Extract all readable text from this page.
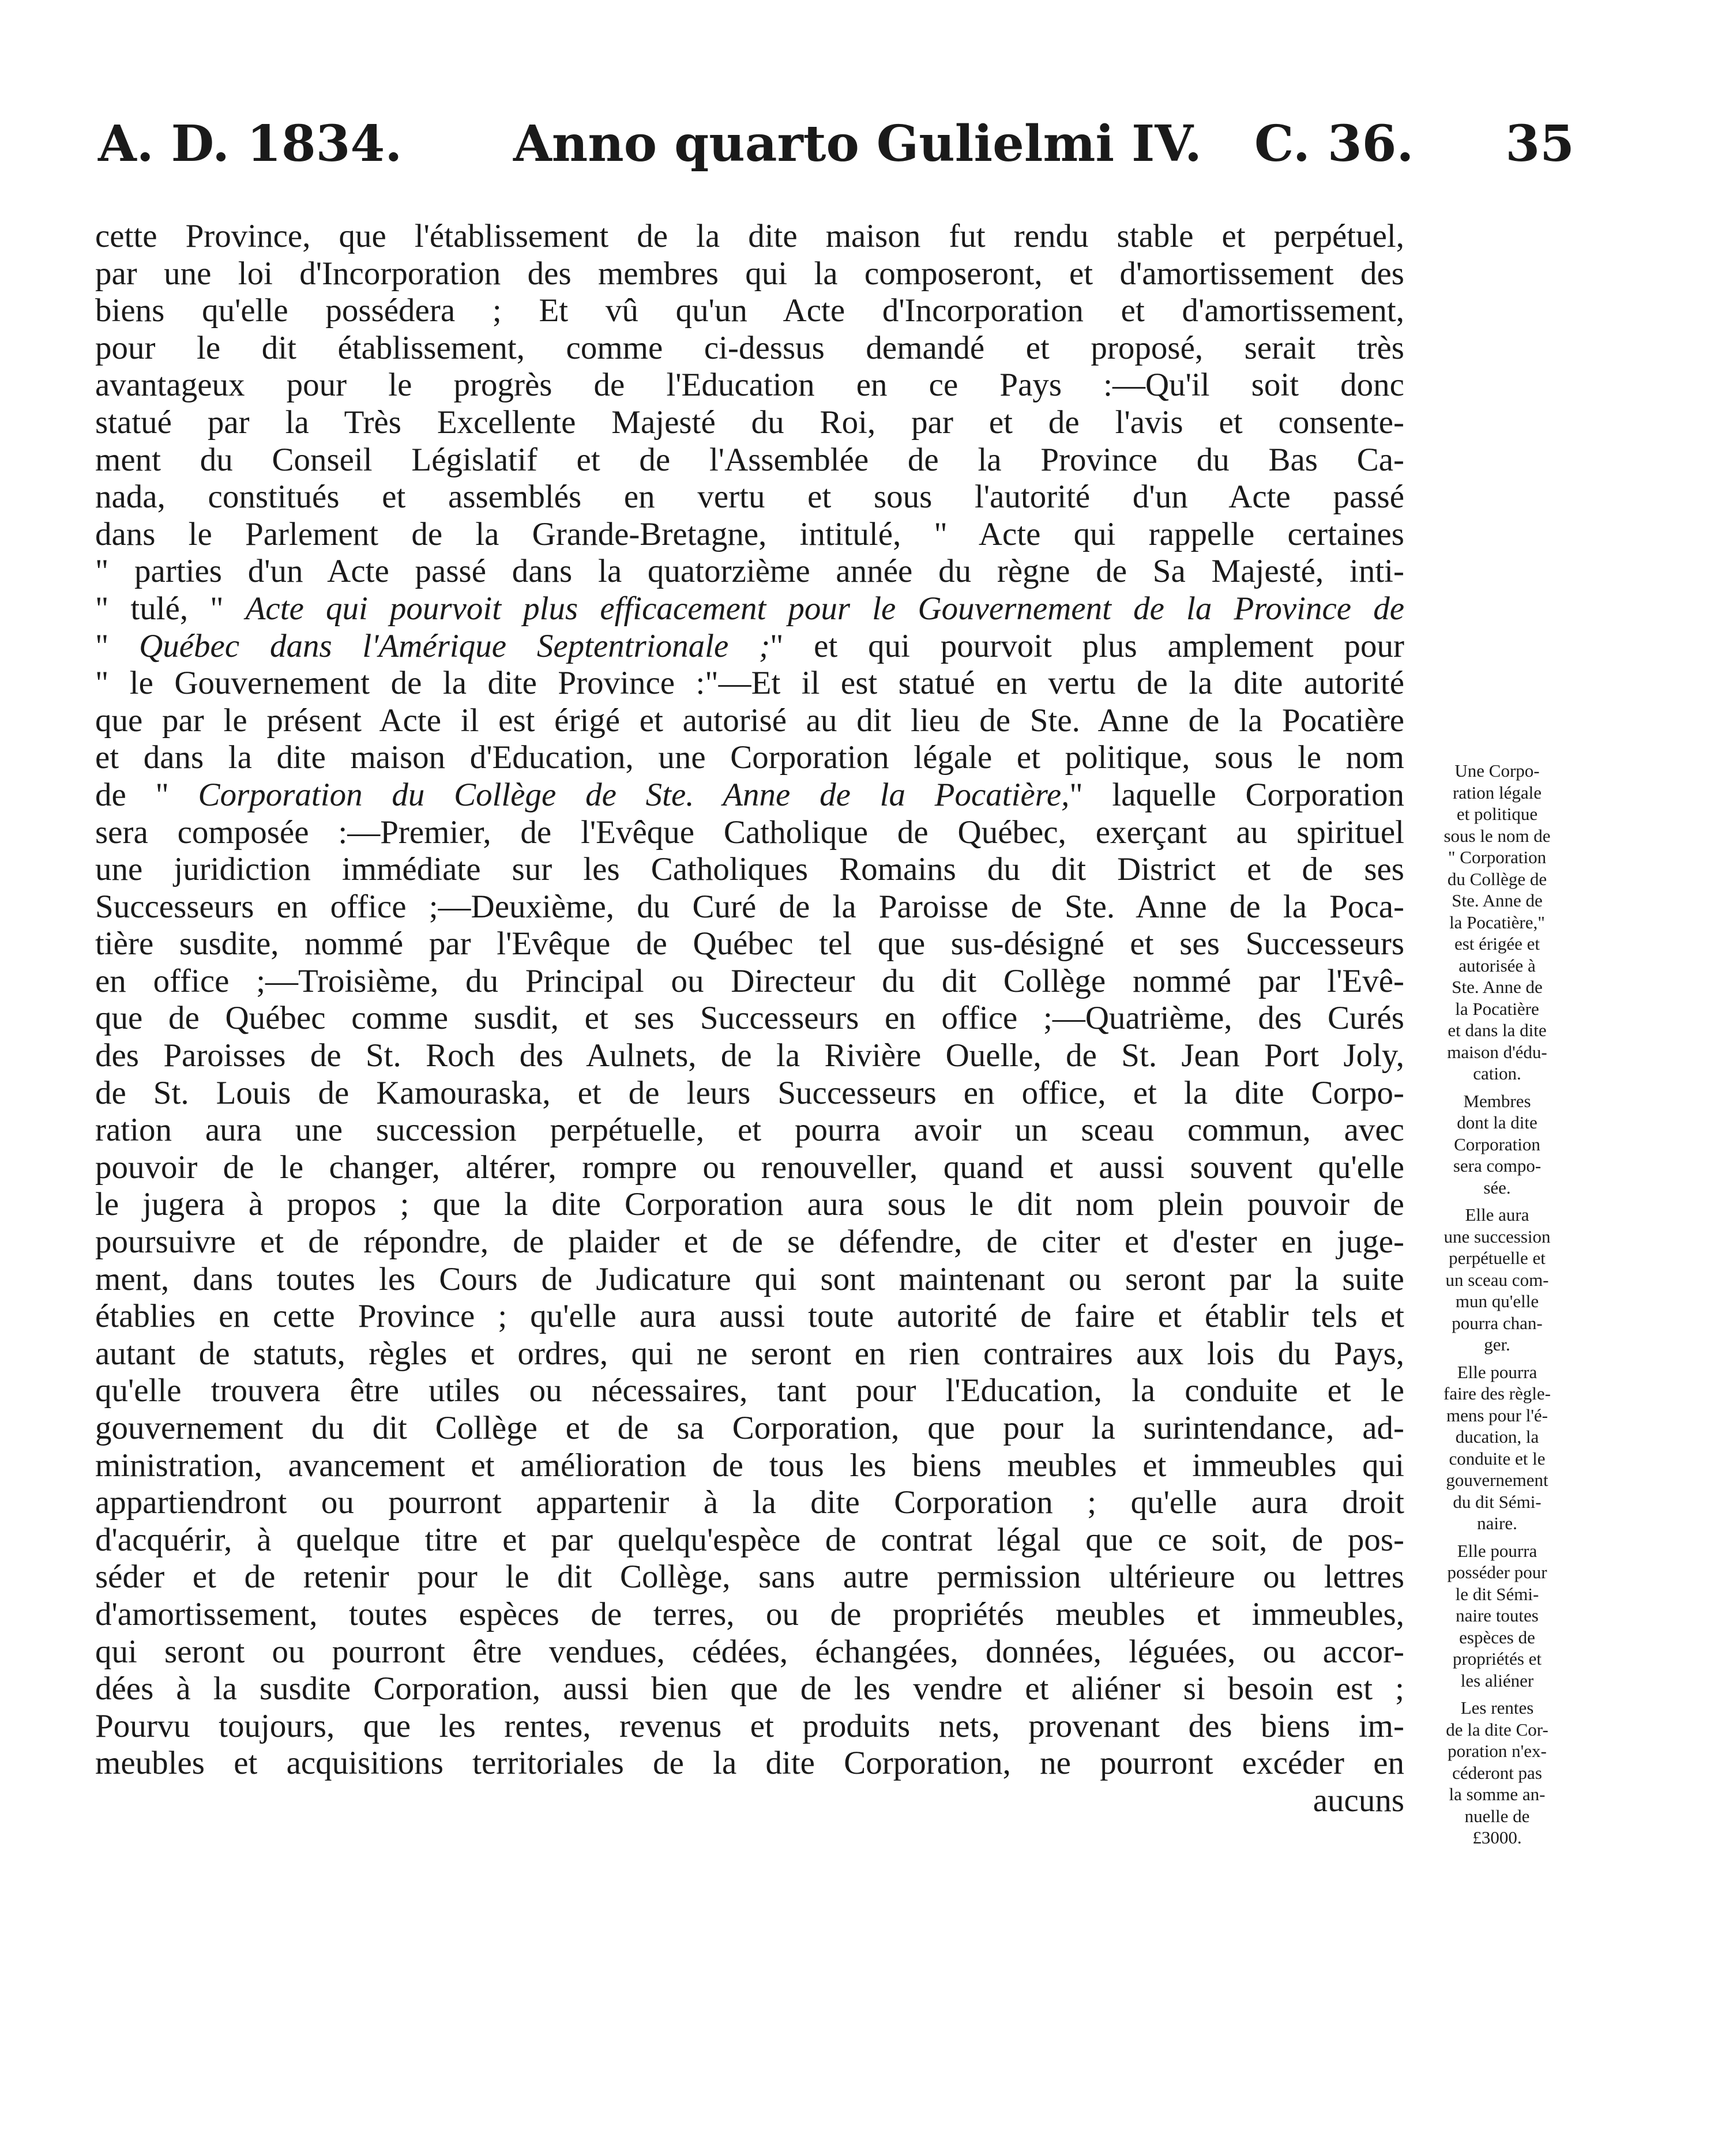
A. D. 1834. Anno quarto Gulielmi IV. C. 36. 35
cette Province, que l'établissement de la dite maison fut rendu stable et perpétuel,
par une loi d'Incorporation des membres qui la composeront, et d'amortissement des
biens qu'elle possédera ; Et vû qu'un Acte d'Incorporation et d'amortissement,
pour le dit établissement, comme ci-dessus demandé et proposé, serait très
avantageux pour le progrès de l'Education en ce Pays :—Qu'il soit donc
statué par la Très Excellente Majesté du Roi, par et de l'avis et consente-
ment du Conseil Législatif et de l'Assemblée de la Province du Bas Ca-
nada, constitués et assemblés en vertu et sous l'autorité d'un Acte passé
dans le Parlement de la Grande-Bretagne, intitulé, " Acte qui rappelle certaines
" parties d'un Acte passé dans la quatorzième année du règne de Sa Majesté, inti-
" tulé, " Acte qui pourvoit plus efficacement pour le Gouvernement de la Province de
" Québec dans l'Amérique Septentrionale ;" et qui pourvoit plus amplement pour
" le Gouvernement de la dite Province :"—Et il est statué en vertu de la dite autorité
que par le présent Acte il est érigé et autorisé au dit lieu de Ste. Anne de la Pocatière
et dans la dite maison d'Education, une Corporation légale et politique, sous le nom
de " Corporation du Collège de Ste. Anne de la Pocatière," laquelle Corporation
sera composée :—Premier, de l'Evêque Catholique de Québec, exerçant au spirituel
une juridiction immédiate sur les Catholiques Romains du dit District et de ses
Successeurs en office ;—Deuxième, du Curé de la Paroisse de Ste. Anne de la Poca-
tière susdite, nommé par l'Evêque de Québec tel que sus-désigné et ses Successeurs
en office ;—Troisième, du Principal ou Directeur du dit Collège nommé par l'Evê-
que de Québec comme susdit, et ses Successeurs en office ;—Quatrième, des Curés
des Paroisses de St. Roch des Aulnets, de la Rivière Ouelle, de St. Jean Port Joly,
de St. Louis de Kamouraska, et de leurs Successeurs en office, et la dite Corpo-
ration aura une succession perpétuelle, et pourra avoir un sceau commun, avec
pouvoir de le changer, altérer, rompre ou renouveller, quand et aussi souvent qu'elle
le jugera à propos ; que la dite Corporation aura sous le dit nom plein pouvoir de
poursuivre et de répondre, de plaider et de se défendre, de citer et d'ester en juge-
ment, dans toutes les Cours de Judicature qui sont maintenant ou seront par la suite
établies en cette Province ; qu'elle aura aussi toute autorité de faire et établir tels et
autant de statuts, règles et ordres, qui ne seront en rien contraires aux lois du Pays,
qu'elle trouvera être utiles ou nécessaires, tant pour l'Education, la conduite et le
gouvernement du dit Collège et de sa Corporation, que pour la surintendance, ad-
ministration, avancement et amélioration de tous les biens meubles et immeubles qui
appartiendront ou pourront appartenir à la dite Corporation ; qu'elle aura droit
d'acquérir, à quelque titre et par quelqu'espèce de contrat légal que ce soit, de pos-
séder et de retenir pour le dit Collège, sans autre permission ultérieure ou lettres
d'amortissement, toutes espèces de terres, ou de propriétés meubles et immeubles,
qui seront ou pourront être vendues, cédées, échangées, données, léguées, ou accor-
dées à la susdite Corporation, aussi bien que de les vendre et aliéner si besoin est ;
Pourvu toujours, que les rentes, revenus et produits nets, provenant des biens im-
meubles et acquisitions territoriales de la dite Corporation, ne pourront excéder en
aucuns
Une Corpo-
ration légale
et politique
sous le nom de
" Corporation
du Collège de
Ste. Anne de
la Pocatière,"
est érigée et
autorisée à
Ste. Anne de
la Pocatière
et dans la dite
maison d'édu-
cation.
Membres
dont la dite
Corporation
sera compo-
sée.
Elle aura
une succession
perpétuelle et
un sceau com-
mun qu'elle
pourra chan-
ger.
Elle pourra
faire des règle-
mens pour l'é-
ducation, la
conduite et le
gouvernement
du dit Sémi-
naire.
Elle pourra
posséder pour
le dit Sémi-
naire toutes
espèces de
propriétés et
les aliéner
Les rentes
de la dite Cor-
poration n'ex-
céderont pas
la somme an-
nuelle de
£3000.
